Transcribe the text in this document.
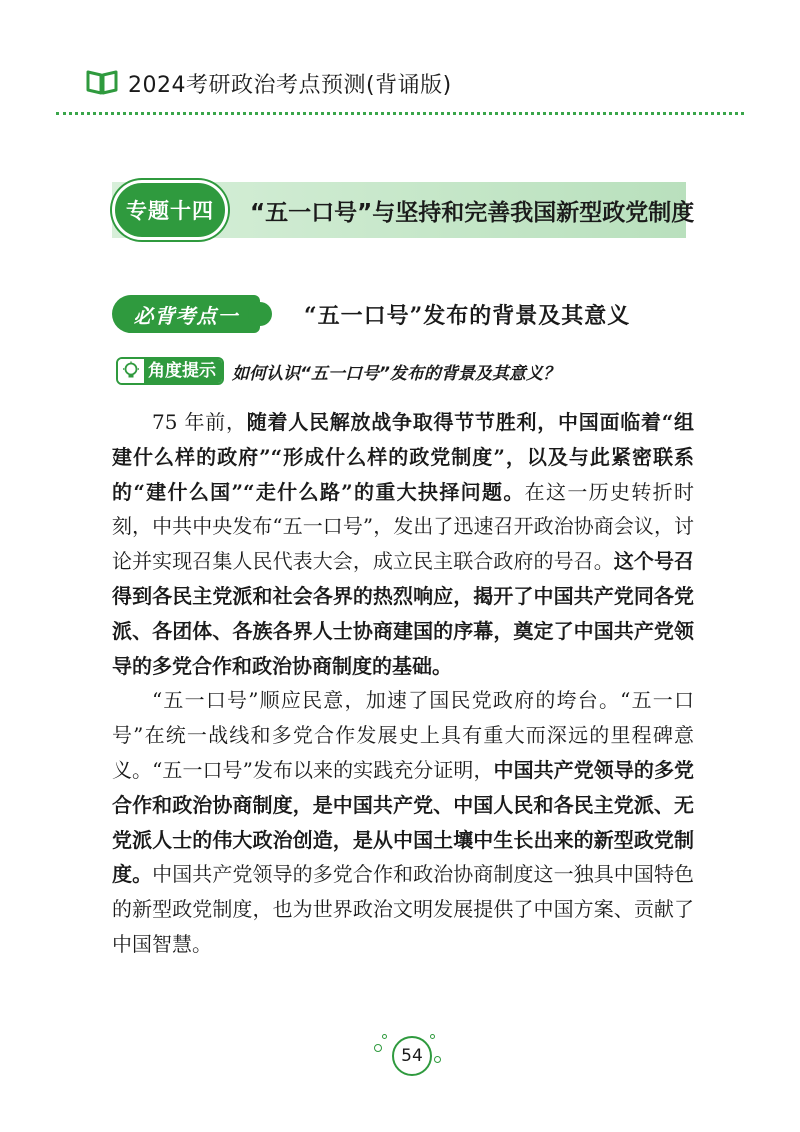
2024考研政治考点预测(背诵版)
专题十四 “五一口号”与坚持和完善我国新型政党制度
必背考点一	“五一口号”发布的背景及其意义
角度提示 如何认识“五一口号”发布的背景及其意义？

75 年前，随着人民解放战争取得节节胜利，中国面临着“组建什么样的政府”“形成什么样的政党制度”，以及与此紧密联系的“建什么国”“走什么路”的重大抉择问题。在这一历史转折时刻，中共中央发布“五一口号”，发出了迅速召开政治协商会议，讨论并实现召集人民代表大会，成立民主联合政府的号召。这个号召得到各民主党派和社会各界的热烈响应，揭开了中国共产党同各党派、各团体、各族各界人士协商建国的序幕，奠定了中国共产党领导的多党合作和政治协商制度的基础。

“五一口号”顺应民意，加速了国民党政府的垮台。“五一口号”在统一战线和多党合作发展史上具有重大而深远的里程碑意义。“五一口号”发布以来的实践充分证明，中国共产党领导的多党合作和政治协商制度，是中国共产党、中国人民和各民主党派、无党派人士的伟大政治创造，是从中国土壤中生长出来的新型政党制度。中国共产党领导的多党合作和政治协商制度这一独具中国特色的新型政党制度，也为世界政治文明发展提供了中国方案、贡献了中国智慧。

54
